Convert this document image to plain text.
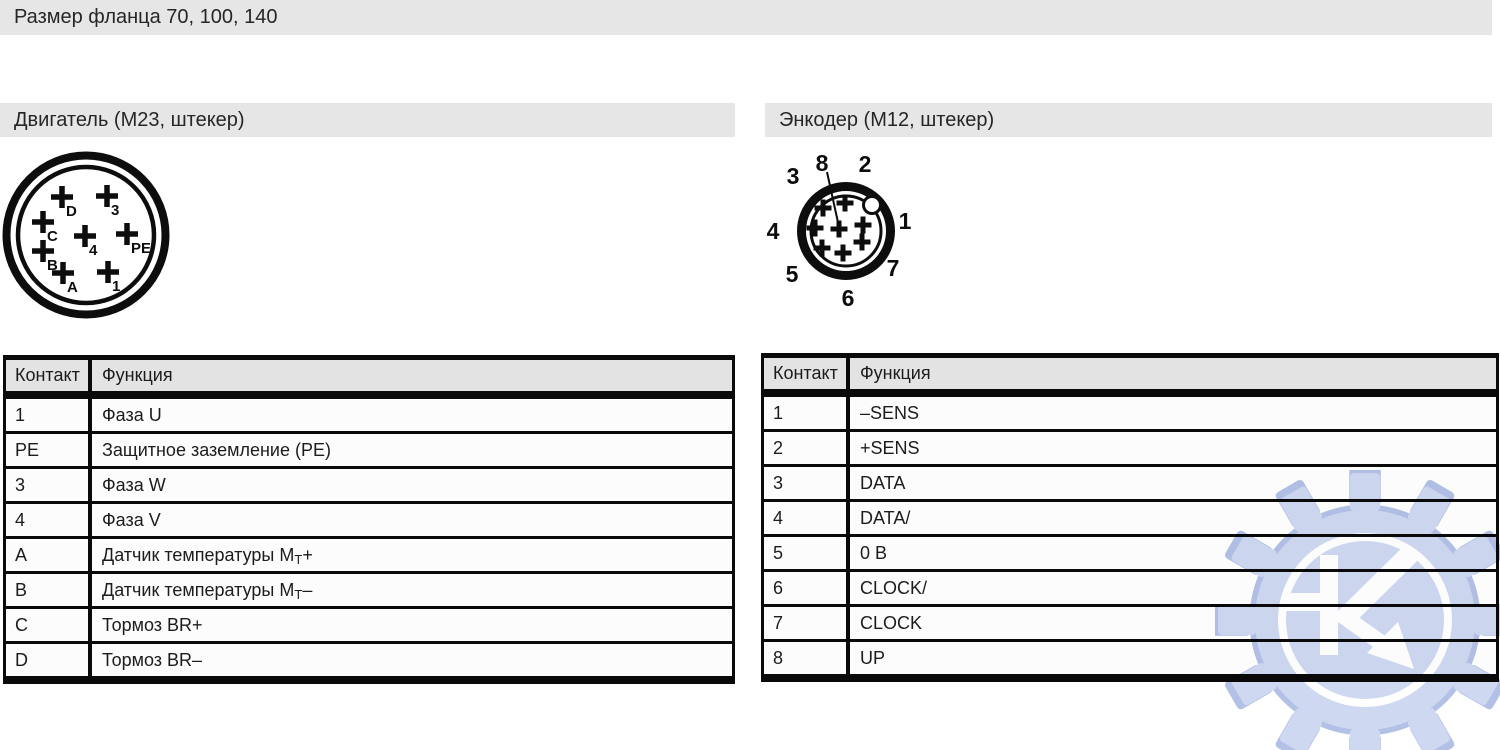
Размер фланца 70, 100, 140
Двигатель (M23, штекер)	Энкодер (M12, штекер)
D 3
C
4 PE
B
A 1
8 2
3
1
4
7
5
6
Контакт	Функция
1	Фаза U
PE	Защитное заземление (PE)
3	Фаза W
4	Фаза V
A	Датчик температуры MT+
B	Датчик температуры MT–
C	Тормоз BR+
D	Тормоз BR–
Контакт	Функция
1	–SENS
2	+SENS
3	DATA
4	DATA/
5	0 В
6	CLOCK/
7	CLOCK
8	UP
